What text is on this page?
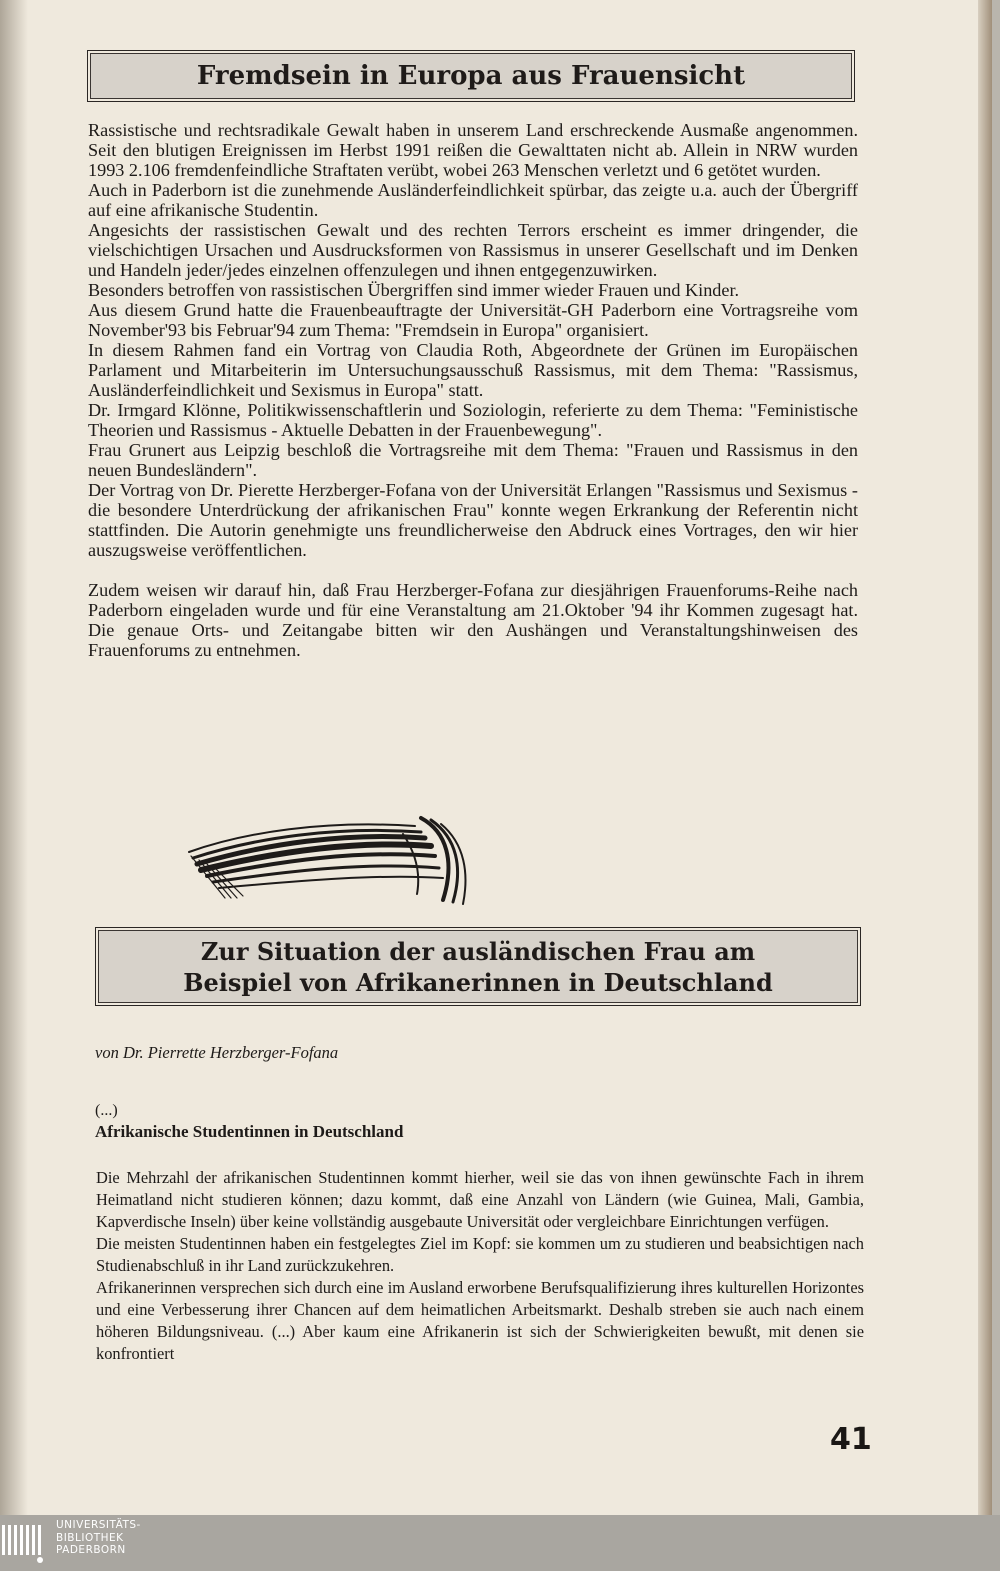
Fremdsein in Europa aus Frauensicht

Rassistische und rechtsradikale Gewalt haben in unserem Land erschreckende Ausmaße angenommen. Seit den blutigen Ereignissen im Herbst 1991 reißen die Gewalttaten nicht ab. Allein in NRW wurden 1993 2.106 fremdenfeindliche Straftaten verübt, wobei 263 Menschen verletzt und 6 getötet wurden.

Auch in Paderborn ist die zunehmende Ausländerfeindlichkeit spürbar, das zeigte u.a. auch der Übergriff auf eine afrikanische Studentin.

Angesichts der rassistischen Gewalt und des rechten Terrors erscheint es immer dringender, die vielschichtigen Ursachen und Ausdrucksformen von Rassismus in unserer Gesellschaft und im Denken und Handeln jeder/jedes einzelnen offenzulegen und ihnen entgegenzuwirken.

Besonders betroffen von rassistischen Übergriffen sind immer wieder Frauen und Kinder.

Aus diesem Grund hatte die Frauenbeauftragte der Universität-GH Paderborn eine Vortragsreihe vom November'93 bis Februar'94 zum Thema: "Fremdsein in Europa" organisiert.

In diesem Rahmen fand ein Vortrag von Claudia Roth, Abgeordnete der Grünen im Europäischen Parlament und Mitarbeiterin im Untersuchungsausschuß Rassismus, mit dem Thema: "Rassismus, Ausländerfeindlichkeit und Sexismus in Europa" statt.

Dr. Irmgard Klönne, Politikwissenschaftlerin und Soziologin, referierte zu dem Thema: "Feministische Theorien und Rassismus - Aktuelle Debatten in der Frauenbewegung".

Frau Grunert aus Leipzig beschloß die Vortragsreihe mit dem Thema: "Frauen und Rassismus in den neuen Bundesländern".

Der Vortrag von Dr. Pierette Herzberger-Fofana von der Universität Erlangen "Rassismus und Sexismus - die besondere Unterdrückung der afrikanischen Frau" konnte wegen Erkrankung der Referentin nicht stattfinden. Die Autorin genehmigte uns freundlicherweise den Abdruck eines Vortrages, den wir hier auszugsweise veröffentlichen.

Zudem weisen wir darauf hin, daß Frau Herzberger-Fofana zur diesjährigen Frauenforums-Reihe nach Paderborn eingeladen wurde und für eine Veranstaltung am 21.Oktober '94 ihr Kommen zugesagt hat. Die genaue Orts- und Zeitangabe bitten wir den Aushängen und Veranstaltungshinweisen des Frauenforums zu entnehmen.

Zur Situation der ausländischen Frau am
Beispiel von Afrikanerinnen in Deutschland
von Dr. Pierrette Herzberger-Fofana
(...)
Afrikanische Studentinnen in Deutschland

Die Mehrzahl der afrikanischen Studentinnen kommt hierher, weil sie das von ihnen gewünschte Fach in ihrem Heimatland nicht studieren können; dazu kommt, daß eine Anzahl von Ländern (wie Guinea, Mali, Gambia, Kapverdische Inseln) über keine vollständig ausgebaute Universität oder vergleichbare Einrichtungen verfügen.

Die meisten Studentinnen haben ein festgelegtes Ziel im Kopf: sie kommen um zu studieren und beabsichtigen nach Studienabschluß in ihr Land zurückzukehren.

Afrikanerinnen versprechen sich durch eine im Ausland erworbene Berufsqualifizierung ihres kulturellen Horizontes und eine Verbesserung ihrer Chancen auf dem heimatlichen Arbeitsmarkt. Deshalb streben sie auch nach einem höheren Bildungsniveau. (...) Aber kaum eine Afrikanerin ist sich der Schwierigkeiten bewußt, mit denen sie konfrontiert

41
UNIVERSITÄTS-
BIBLIOTHEK
PADERBORN
